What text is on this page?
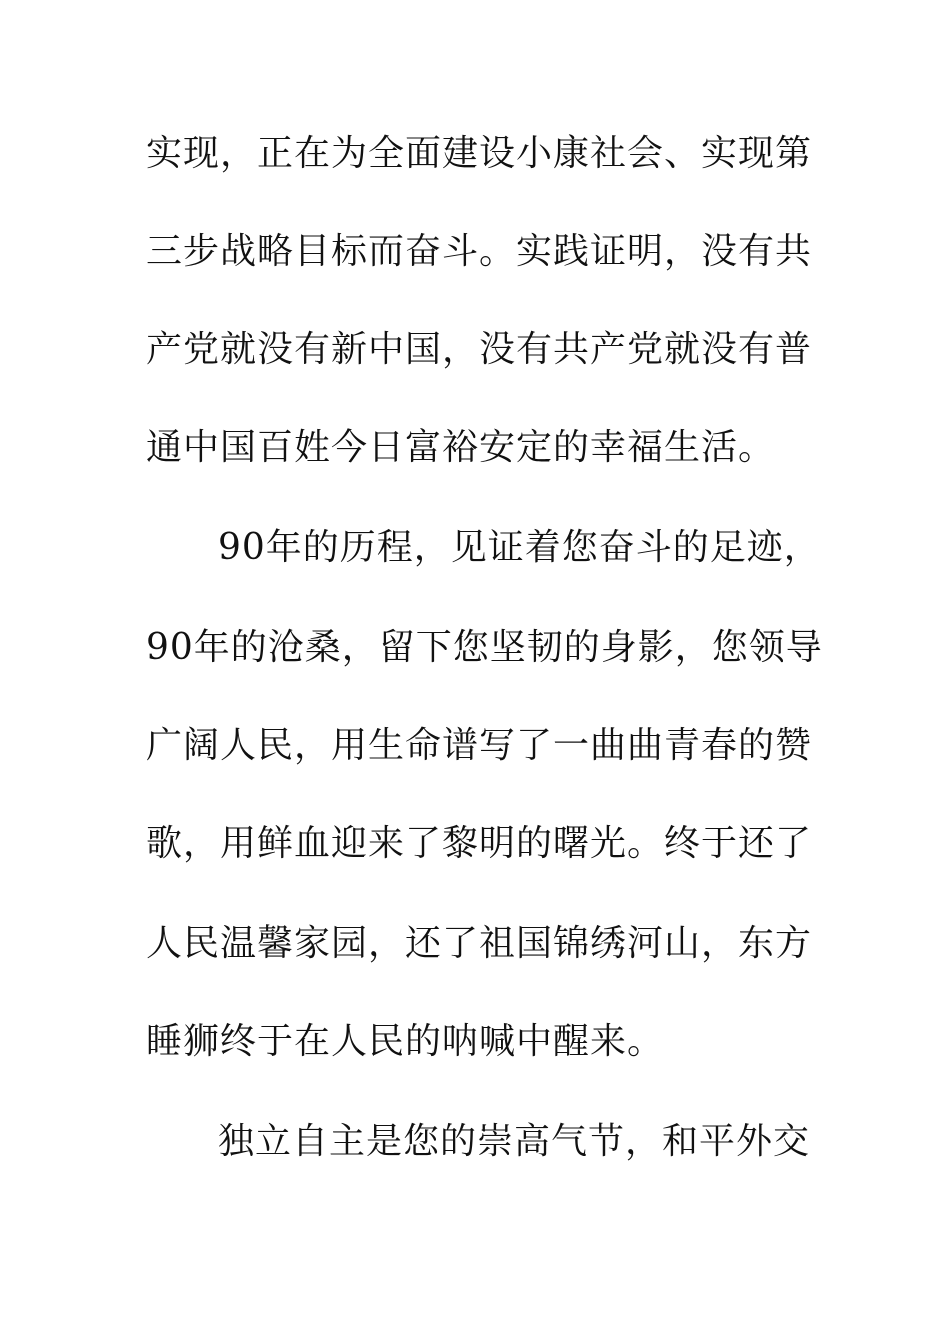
实现，正在为全面建设小康社会、实现第
三步战略目标而奋斗。实践证明，没有共
产党就没有新中国，没有共产党就没有普
通中国百姓今日富裕安定的幸福生活。
90年的历程，见证着您奋斗的足迹，
90年的沧桑，留下您坚韧的身影，您领导
广阔人民，用生命谱写了一曲曲青春的赞
歌，用鲜血迎来了黎明的曙光。终于还了
人民温馨家园，还了祖国锦绣河山，东方
睡狮终于在人民的呐喊中醒来。
独立自主是您的崇高气节，和平外交
